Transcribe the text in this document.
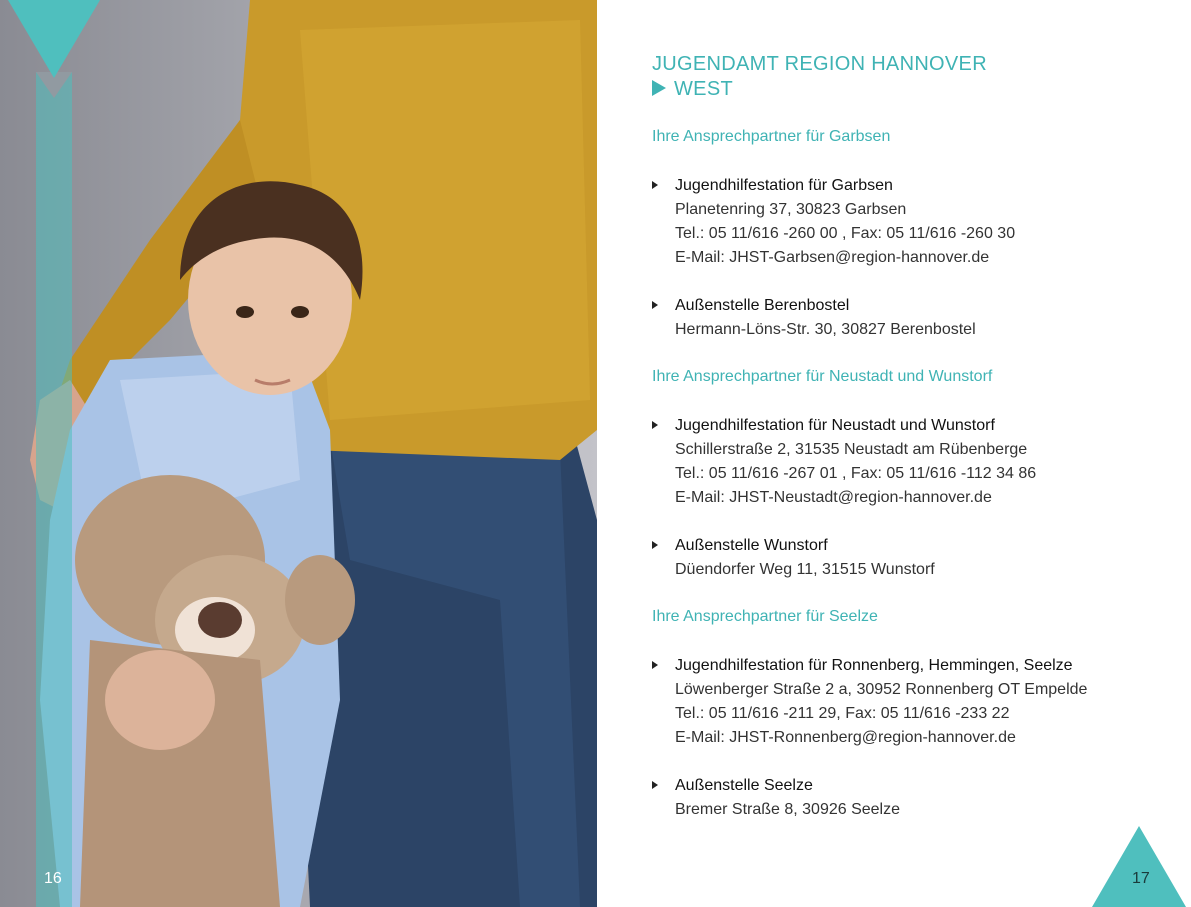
16
JUGENDAMT REGION HANNOVER
WEST
Ihre Ansprechpartner für Garbsen
Jugendhilfestation für Garbsen
Planetenring 37, 30823 Garbsen
Tel.: 05 11/616 -260 00 , Fax: 05 11/616 -260 30
E-Mail: JHST-Garbsen@region-hannover.de
Außenstelle Berenbostel
Hermann-Löns-Str. 30, 30827 Berenbostel
Ihre Ansprechpartner für Neustadt und Wunstorf
Jugendhilfestation für Neustadt und Wunstorf
Schillerstraße 2, 31535 Neustadt am Rübenberge
Tel.: 05 11/616 -267 01 , Fax: 05 11/616 -112 34 86
E-Mail: JHST-Neustadt@region-hannover.de
Außenstelle Wunstorf
Düendorfer Weg 11, 31515 Wunstorf
Ihre Ansprechpartner für Seelze
Jugendhilfestation für Ronnenberg, Hemmingen, Seelze
Löwenberger Straße 2 a, 30952 Ronnenberg OT Empelde
Tel.: 05 11/616 -211 29, Fax: 05 11/616 -233 22
E-Mail: JHST-Ronnenberg@region-hannover.de
Außenstelle Seelze
Bremer Straße 8, 30926 Seelze
17
